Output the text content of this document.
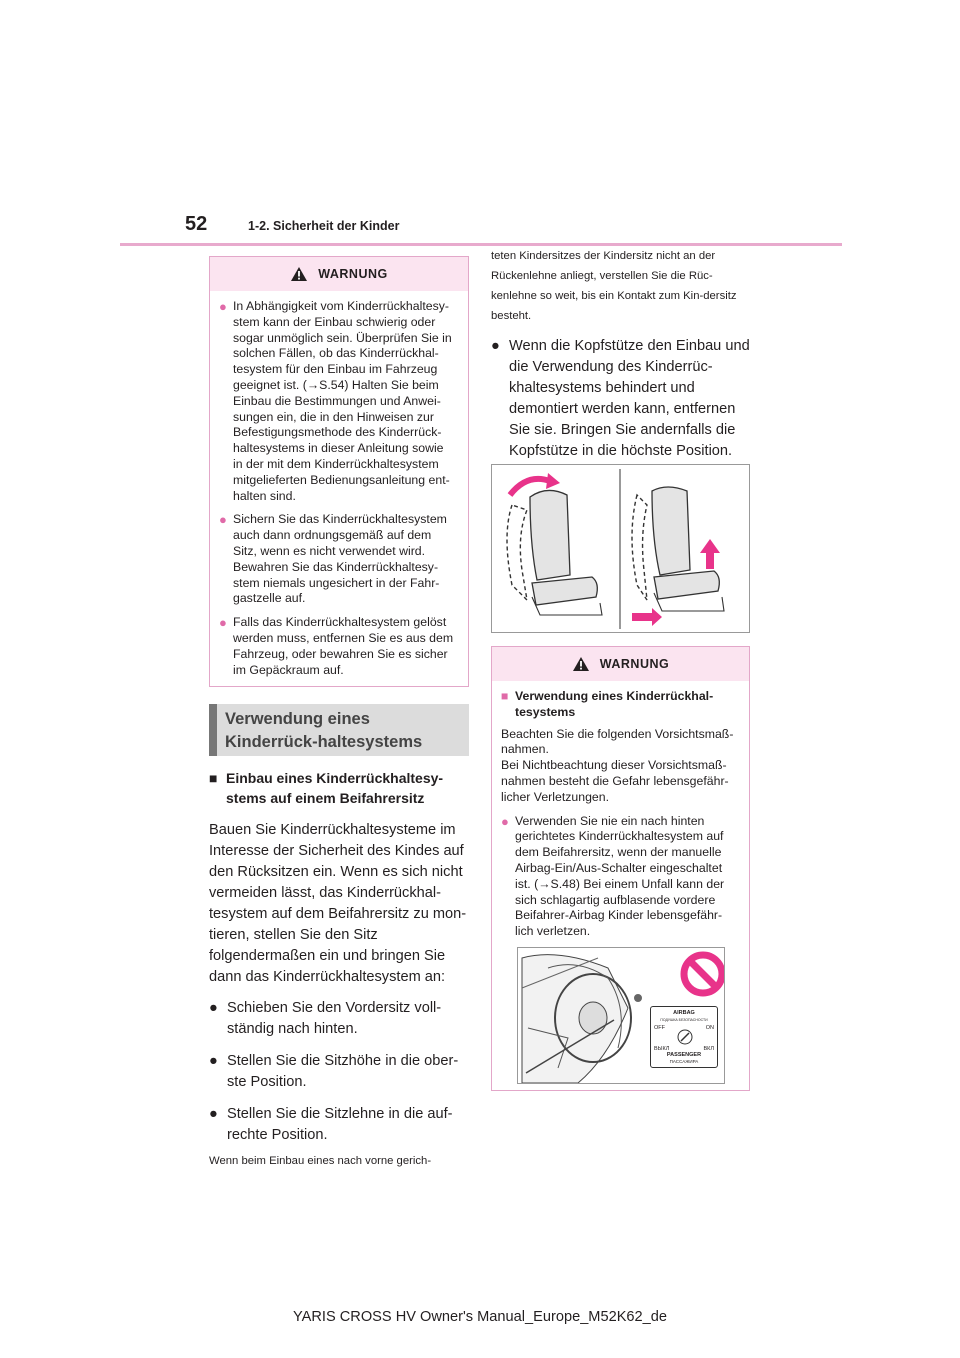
52	1-2. Sicherheit der Kinder
WARNUNG
● In Abhängigkeit vom Kinderrückhaltesy-stem kann der Einbau schwierig oder sogar unmöglich sein. Überprüfen Sie in solchen Fällen, ob das Kinderrückhal-tesystem für den Einbau im Fahrzeug geeignet ist. (→S.54) Halten Sie beim Einbau die Bestimmungen und Anwei-sungen ein, die in den Hinweisen zur Befestigungsmethode des Kinderrück-haltesystems in dieser Anleitung sowie in der mit dem Kinderrückhaltesystem mitgelieferten Bedienungsanleitung ent-halten sind.
● Sichern Sie das Kinderrückhaltesystem auch dann ordnungsgemäß auf dem Sitz, wenn es nicht verwendet wird. Bewahren Sie das Kinderrückhaltesy-stem niemals ungesichert in der Fahr-gastzelle auf.
● Falls das Kinderrückhaltesystem gelöst werden muss, entfernen Sie es aus dem Fahrzeug, oder bewahren Sie es sicher im Gepäckraum auf.
Verwendung eines Kinderrück-haltesystems
■ Einbau eines Kinderrückhaltesy-stems auf einem Beifahrersitz
Bauen Sie Kinderrückhaltesysteme im Interesse der Sicherheit des Kindes auf den Rücksitzen ein. Wenn es sich nicht vermeiden lässt, das Kinderrückhal-tesystem auf dem Beifahrersitz zu mon-tieren, stellen Sie den Sitz folgendermaßen ein und bringen Sie dann das Kinderrückhaltesystem an:
● Schieben Sie den Vordersitz voll-ständig nach hinten.
● Stellen Sie die Sitzhöhe in die ober-ste Position.
● Stellen Sie die Sitzlehne in die auf-rechte Position.
Wenn beim Einbau eines nach vorne gerich-
teten Kindersitzes der Kindersitz nicht an der Rückenlehne anliegt, verstellen Sie die Rüc-kenlehne so weit, bis ein Kontakt zum Kin-dersitz besteht.
● Wenn die Kopfstütze den Einbau und die Verwendung des Kinderrüc-khaltesystems behindert und demontiert werden kann, entfernen Sie sie. Bringen Sie andernfalls die Kopfstütze in die höchste Position.
WARNUNG
■ Verwendung eines Kinderrückhal-tesystems
Beachten Sie die folgenden Vorsichtsmaß-nahmen.
Bei Nichtbeachtung dieser Vorsichtsmaß-nahmen besteht die Gefahr lebensgefähr-licher Verletzungen.
● Verwenden Sie nie ein nach hinten gerichtetes Kinderrückhaltesystem auf dem Beifahrersitz, wenn der manuelle Airbag-Ein/Aus-Schalter eingeschaltet ist. (→S.48) Bei einem Unfall kann der sich schlagartig aufblasende vordere Beifahrer-Airbag Kinder lebensgefähr-lich verletzen.
AIRBAG
ПОДУШКА БЕЗОПАСНОСТИ
OFF	ON
ВЫКЛ	ВКЛ
PASSENGER
ПАССАЖИРА
YARIS CROSS HV Owner's Manual_Europe_M52K62_de
